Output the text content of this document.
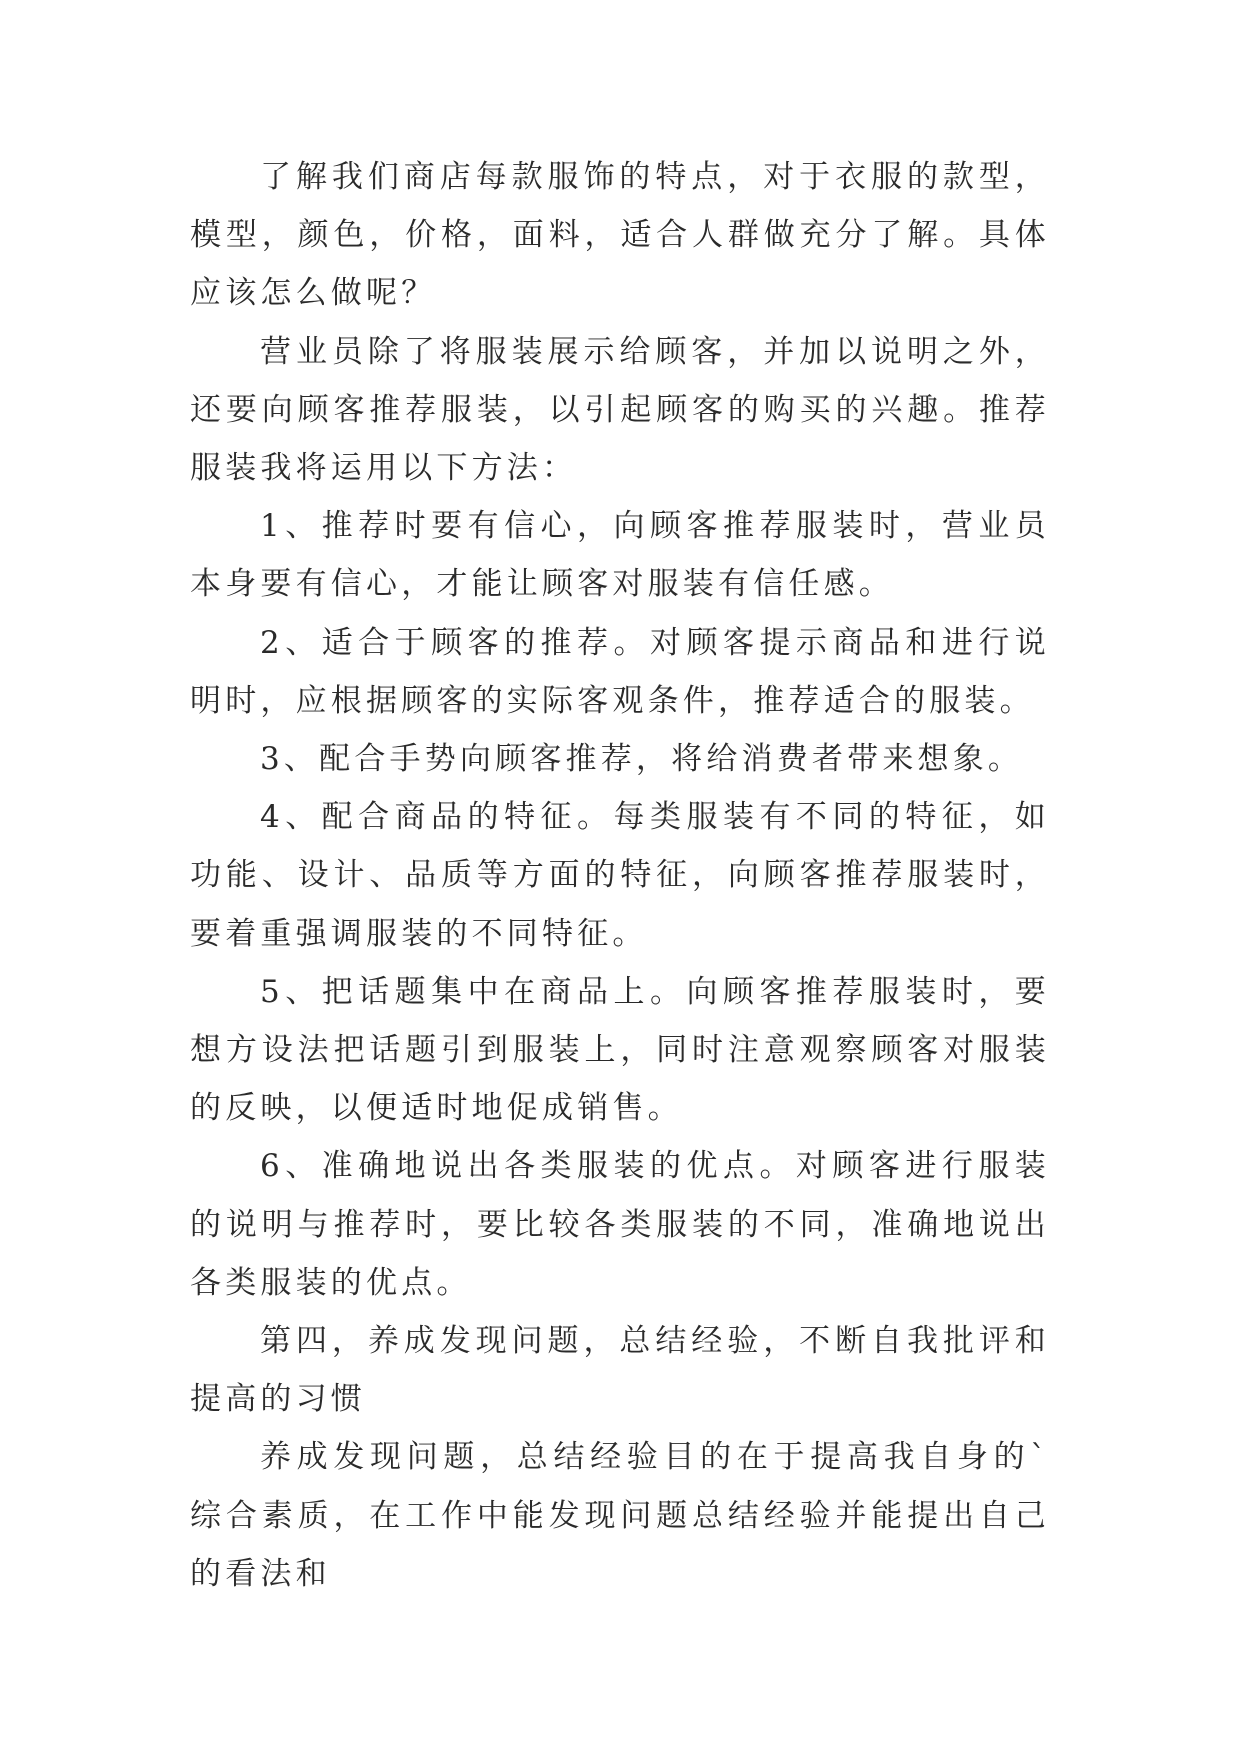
了解我们商店每款服饰的特点，对于衣服的款型，模型，颜色，价格，面料，适合人群做充分了解。具体应该怎么做呢？

营业员除了将服装展示给顾客，并加以说明之外，还要向顾客推荐服装，以引起顾客的购买的兴趣。推荐服装我将运用以下方法：

1、推荐时要有信心，向顾客推荐服装时，营业员本身要有信心，才能让顾客对服装有信任感。

2、适合于顾客的推荐。对顾客提示商品和进行说明时，应根据顾客的实际客观条件，推荐适合的服装。

3、配合手势向顾客推荐，将给消费者带来想象。

4、配合商品的特征。每类服装有不同的特征，如功能、设计、品质等方面的特征，向顾客推荐服装时，要着重强调服装的不同特征。

5、把话题集中在商品上。向顾客推荐服装时，要想方设法把话题引到服装上，同时注意观察顾客对服装的反映，以便适时地促成销售。

6、准确地说出各类服装的优点。对顾客进行服装的说明与推荐时，要比较各类服装的不同，准确地说出各类服装的优点。

第四，养成发现问题，总结经验，不断自我批评和提高的习惯

养成发现问题，总结经验目的在于提高我自身的`综合素质，在工作中能发现问题总结经验并能提出自己的看法和
